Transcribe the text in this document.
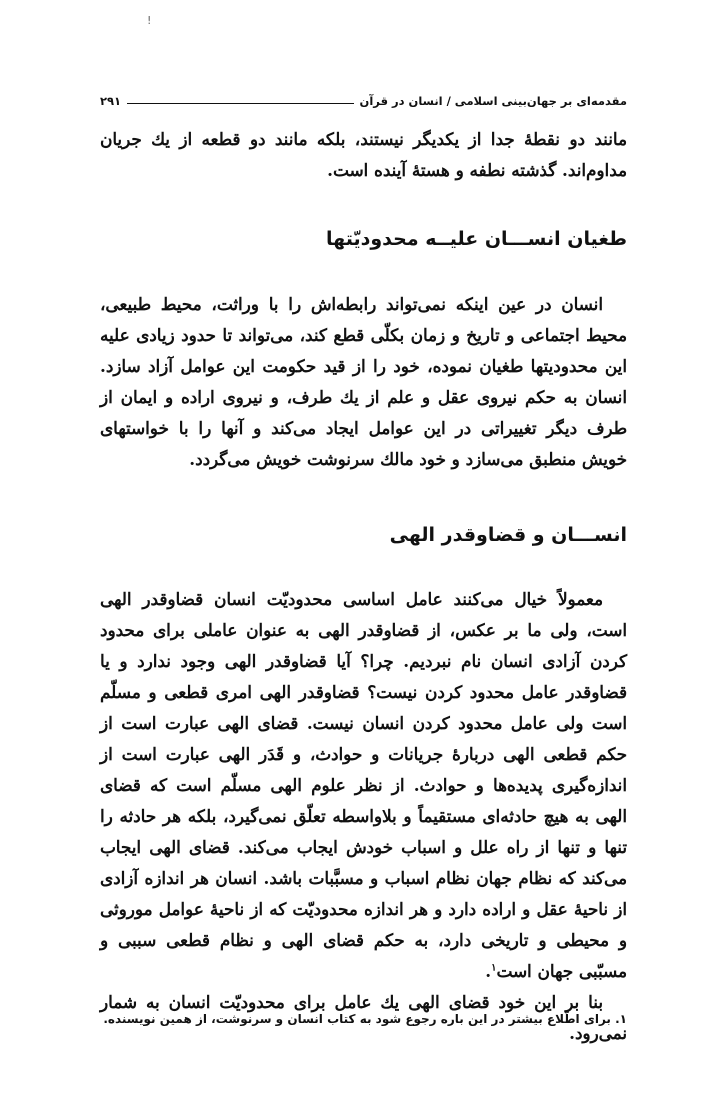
!
مقدمه‌ای بر جهان‌بینی اسلامی / انسان در قرآن
۲۹۱

مانند دو نقطهٔ جدا از یکدیگر نیستند، بلکه مانند دو قطعه از یك جریان مداوم‌اند. گذشته نطفه و هستهٔ آینده است.

طغیان انســـان علیــه محدودیّتها

انسان در عین اینکه نمی‌تواند رابطه‌اش را با وراثت، محیط طبیعی، محیط اجتماعی و تاریخ و زمان بکلّی قطع کند، می‌تواند تا حدود زیادی علیه این محدودیتها طغیان نموده، خود را از قید حکومت این عوامل آزاد سازد. انسان به حکم نیروی عقل و علم از یك طرف، و نیروی اراده و ایمان از طرف دیگر تغییراتی در این عوامل ایجاد می‌کند و آنها را با خواستهای خویش منطبق می‌سازد و خود مالك سرنوشت خویش می‌گردد.

انســـان و قضاوقدر الهی

معمولاً خیال می‌کنند عامل اساسی محدودیّت انسان قضاوقدر الهی است، ولی ما بر عکس، از قضاوقدر الهی به عنوان عاملی برای محدود کردن آزادی انسان نام نبردیم. چرا؟ آیا قضاوقدر الهی وجود ندارد و یا قضاوقدر عامل محدود کردن نیست؟ قضاوقدر الهی امری قطعی و مسلّم است ولی عامل محدود کردن انسان نیست. قضای الهی عبارت است از حکم قطعی الهی دربارهٔ جریانات و حوادث، و قَدَر الهی عبارت است از اندازه‌گیری پدیده‌ها و حوادث. از نظر علوم الهی مسلّم است که قضای الهی به هیچ حادثه‌ای مستقیماً و بلاواسطه تعلّق نمی‌گیرد، بلکه هر حادثه را تنها و تنها از راه علل و اسباب خودش ایجاب می‌کند. قضای الهی ایجاب می‌کند که نظام جهان نظام اسباب و مسبَّبات باشد. انسان هر اندازه آزادی از ناحیهٔ عقل و اراده دارد و هر اندازه محدودیّت که از ناحیهٔ عوامل موروثی و محیطی و تاریخی دارد، به حکم قضای الهی و نظام قطعی سببی و مسبّبی جهان است$^۱$.

بنا بر این خود قضای الهی یك عامل برای محدودیّت انسان به شمار نمی‌رود.

۱. برای اطّلاع بیشتر در این باره رجوع شود به کتاب انسان و سرنوشت، از همین نویسنده.
